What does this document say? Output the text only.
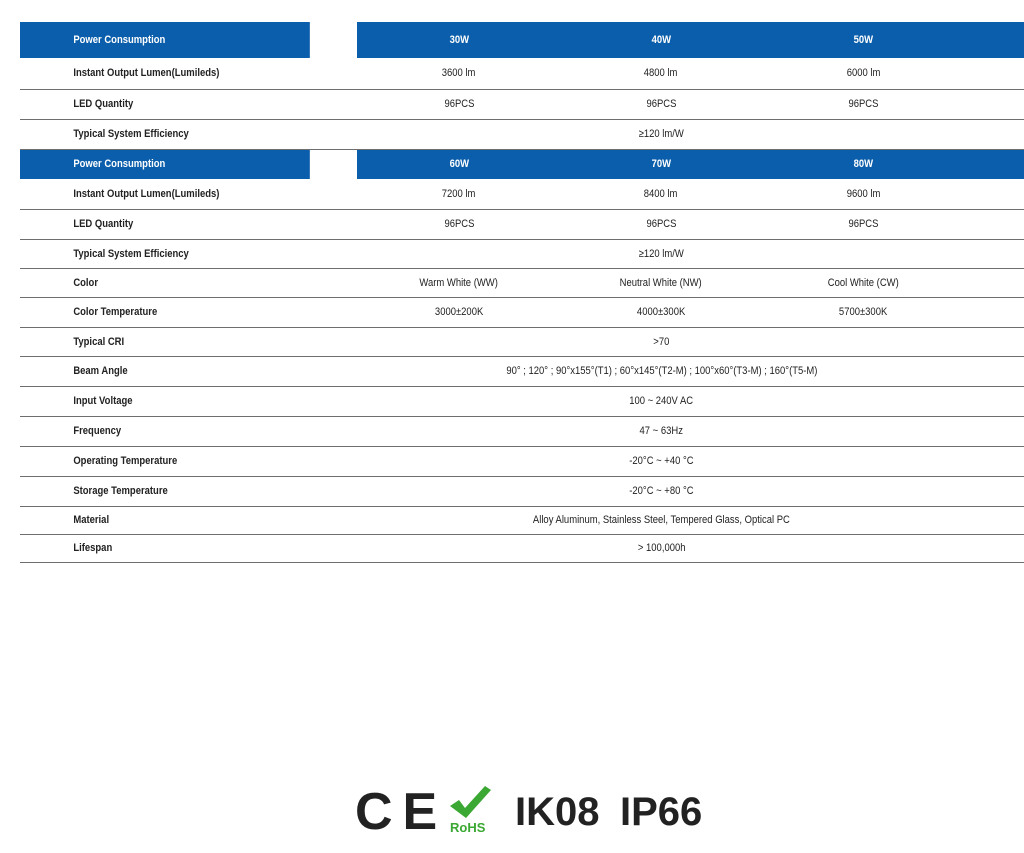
Power Consumption	30W	40W	50W	
Instant Output Lumen(Lumileds)	3600 lm	4800 lm	6000 lm	
LED Quantity	96PCS	96PCS	96PCS	
Typical System Efficiency	≥120 lm/W			
Power Consumption	60W	70W	80W	
Instant Output Lumen(Lumileds)	7200 lm	8400 lm	9600 lm	
LED Quantity	96PCS	96PCS	96PCS	
Typical System Efficiency	≥120 lm/W			
Color	Warm White (WW)	Neutral White (NW)	Cool White (CW)	
Color Temperature	3000±200K	4000±300K	5700±300K	
Typical CRI	>70			
Beam Angle	90° ; 120° ; 90°x155°(T1) ; 60°x145°(T2-M) ; 100°x60°(T3-M) ; 160°(T5-M)			
Input Voltage	100 ~ 240V AC			
Frequency	47 ~ 63Hz			
Operating Temperature	-20°C ~ +40 °C			
Storage Temperature	-20°C ~ +80 °C			
Material	Alloy Aluminum, Stainless Steel, Tempered Glass, Optical PC			
Lifespan	> 100,000h			
CE RoHS IK08 IP66
